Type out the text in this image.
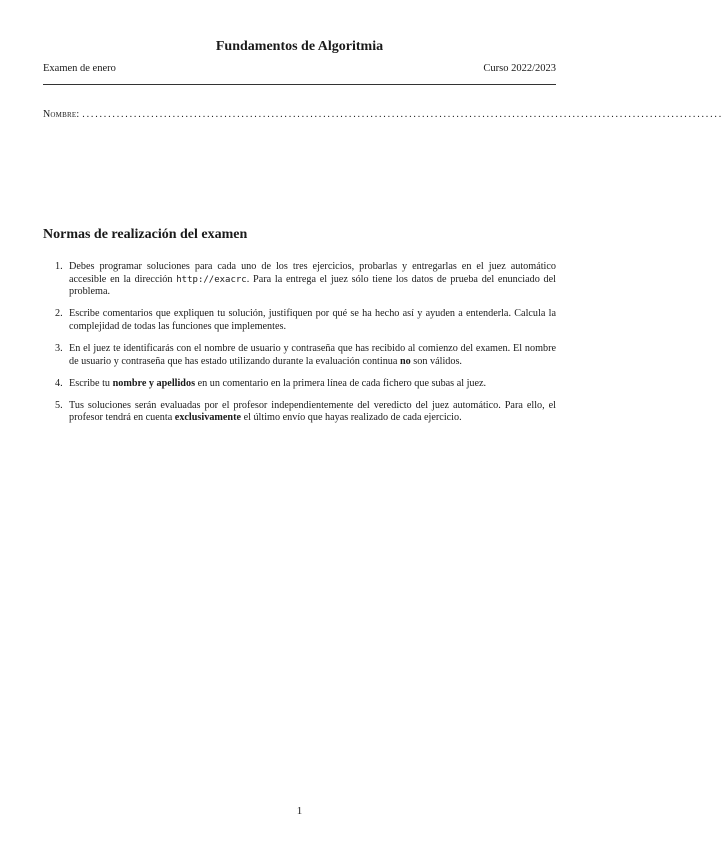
Fundamentos de Algoritmia
Examen de enero	Curso 2022/2023
Nombre: .....................................................................................................................................................
Normas de realización del examen
1. Debes programar soluciones para cada uno de los tres ejercicios, probarlas y entregarlas en el juez automático accesible en la dirección http://exacrc. Para la entrega el juez sólo tiene los datos de prueba del enunciado del problema.
2. Escribe comentarios que expliquen tu solución, justifiquen por qué se ha hecho así y ayuden a entenderla. Calcula la complejidad de todas las funciones que implementes.
3. En el juez te identificarás con el nombre de usuario y contraseña que has recibido al comienzo del examen. El nombre de usuario y contraseña que has estado utilizando durante la evaluación continua no son válidos.
4. Escribe tu nombre y apellidos en un comentario en la primera línea de cada fichero que subas al juez.
5. Tus soluciones serán evaluadas por el profesor independientemente del veredicto del juez automático. Para ello, el profesor tendrá en cuenta exclusivamente el último envío que hayas realizado de cada ejercicio.
1
